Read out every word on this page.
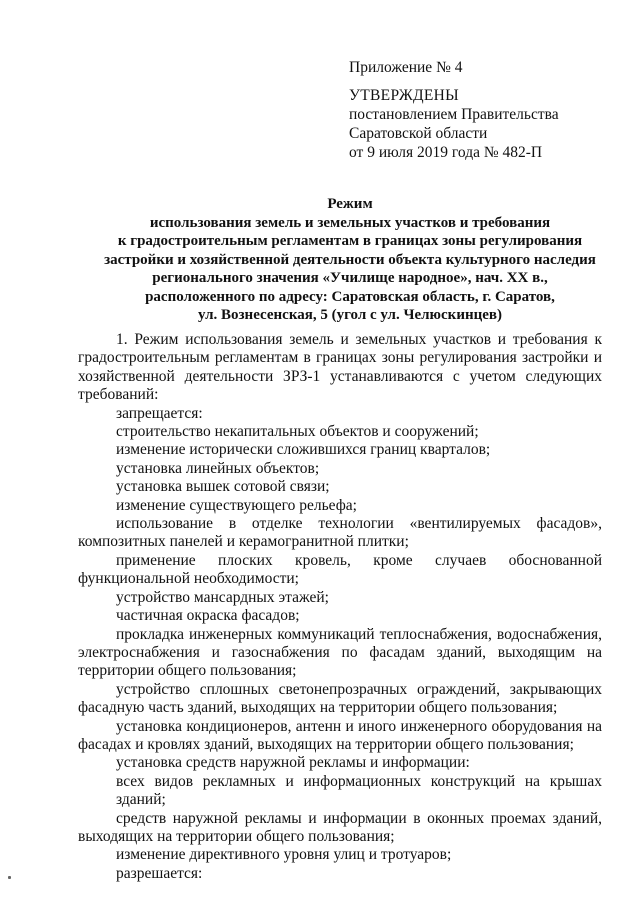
Приложение № 4
УТВЕРЖДЕНЫ
постановлением Правительства
Саратовской области
от 9 июля 2019 года № 482-П
Режим
использования земель и земельных участков и требования
к градостроительным регламентам в границах зоны регулирования
застройки и хозяйственной деятельности объекта культурного наследия
регионального значения «Училище народное», нач. XX в.,
расположенного по адресу: Саратовская область, г. Саратов,
ул. Вознесенская, 5 (угол с ул. Челюскинцев)

1. Режим использования земель и земельных участков и требования к градостроительным регламентам в границах зоны регулирования застройки и хозяйственной деятельности ЗРЗ-1 устанавливаются с учетом следующих требований:

запрещается:

строительство некапитальных объектов и сооружений;

изменение исторически сложившихся границ кварталов;

установка линейных объектов;

установка вышек сотовой связи;

изменение существующего рельефа;

использование в отделке технологии «вентилируемых фасадов», композитных панелей и керамогранитной плитки;

применение плоских кровель, кроме случаев обоснованной функциональной необходимости;

устройство мансардных этажей;

частичная окраска фасадов;

прокладка инженерных коммуникаций теплоснабжения, водоснабжения, электроснабжения и газоснабжения по фасадам зданий, выходящим на территории общего пользования;

устройство сплошных светонепрозрачных ограждений, закрывающих фасадную часть зданий, выходящих на территории общего пользования;

установка кондиционеров, антенн и иного инженерного оборудования на фасадах и кровлях зданий, выходящих на территории общего пользования;

установка средств наружной рекламы и информации:

всех видов рекламных и информационных конструкций на крышах зданий;

средств наружной рекламы и информации в оконных проемах зданий, выходящих на территории общего пользования;

изменение директивного уровня улиц и тротуаров;

разрешается:
